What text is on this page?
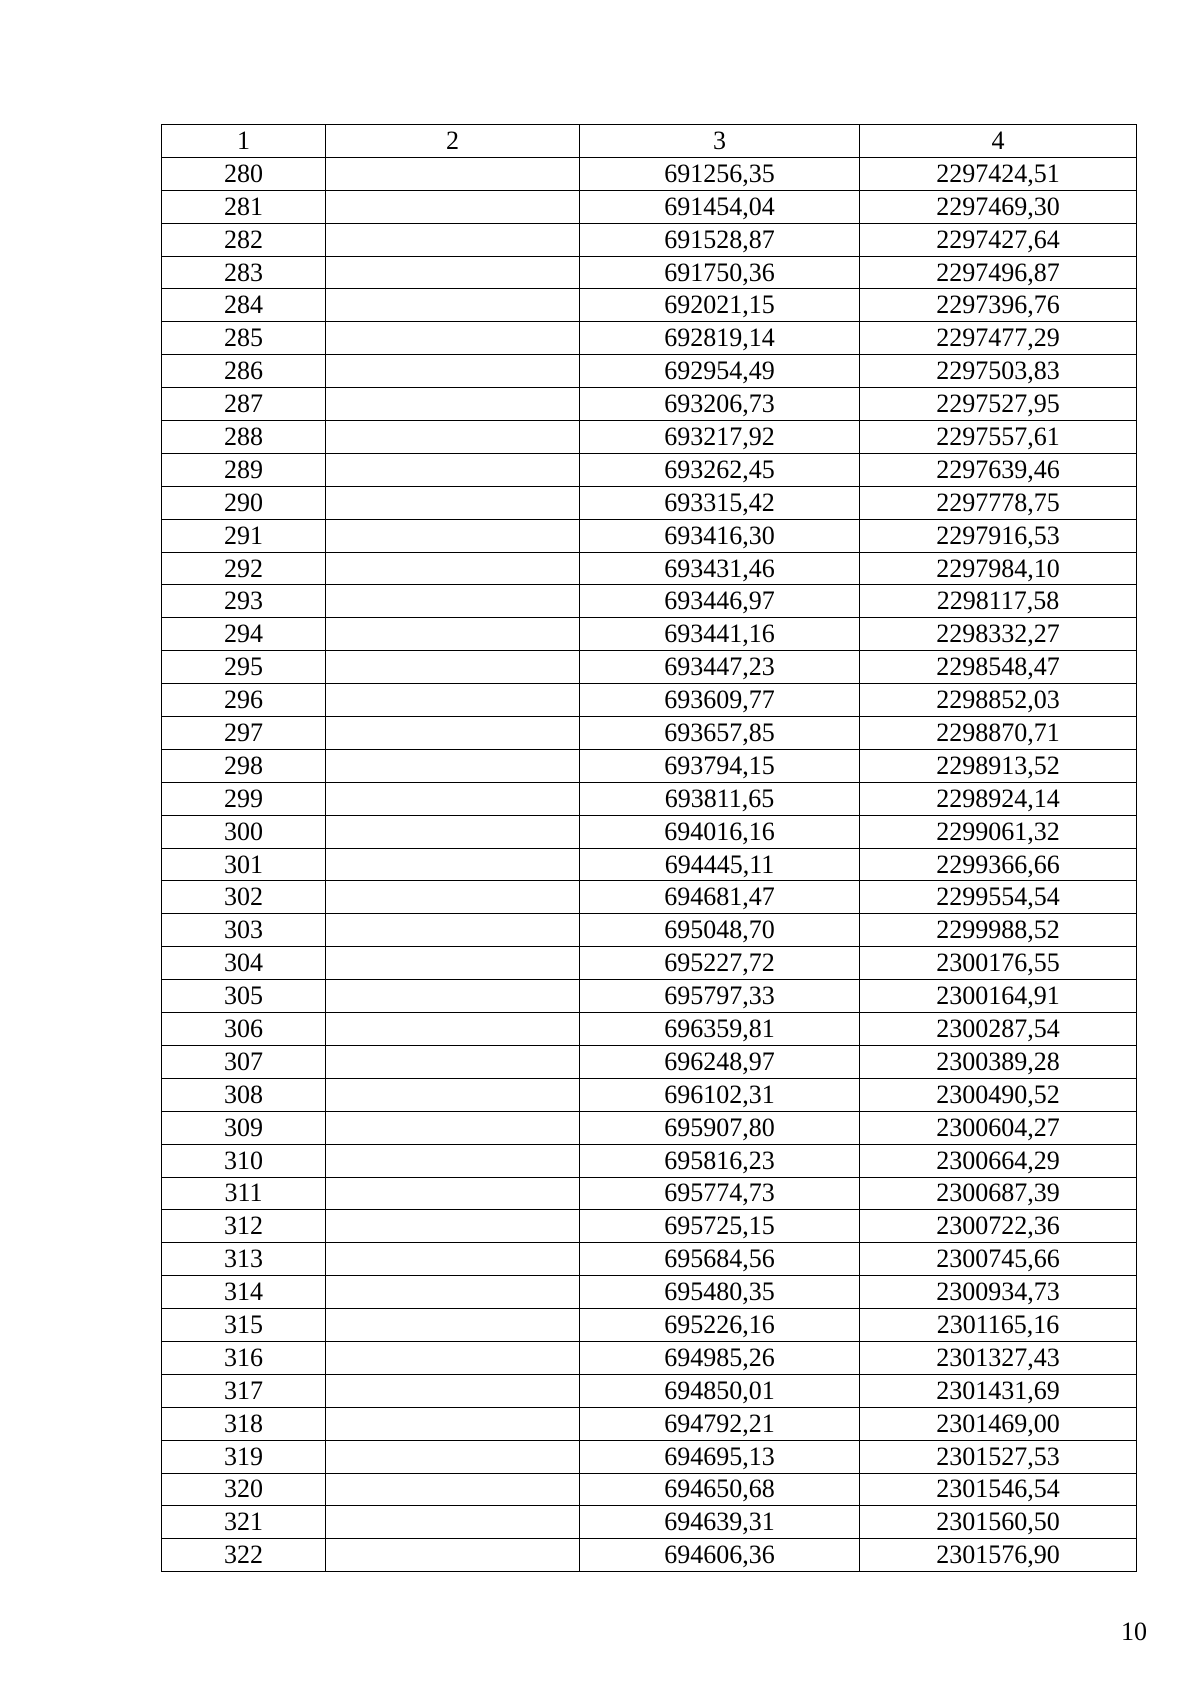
1	2	3	4
280		691256,35	2297424,51
281		691454,04	2297469,30
282		691528,87	2297427,64
283		691750,36	2297496,87
284		692021,15	2297396,76
285		692819,14	2297477,29
286		692954,49	2297503,83
287		693206,73	2297527,95
288		693217,92	2297557,61
289		693262,45	2297639,46
290		693315,42	2297778,75
291		693416,30	2297916,53
292		693431,46	2297984,10
293		693446,97	2298117,58
294		693441,16	2298332,27
295		693447,23	2298548,47
296		693609,77	2298852,03
297		693657,85	2298870,71
298		693794,15	2298913,52
299		693811,65	2298924,14
300		694016,16	2299061,32
301		694445,11	2299366,66
302		694681,47	2299554,54
303		695048,70	2299988,52
304		695227,72	2300176,55
305		695797,33	2300164,91
306		696359,81	2300287,54
307		696248,97	2300389,28
308		696102,31	2300490,52
309		695907,80	2300604,27
310		695816,23	2300664,29
311		695774,73	2300687,39
312		695725,15	2300722,36
313		695684,56	2300745,66
314		695480,35	2300934,73
315		695226,16	2301165,16
316		694985,26	2301327,43
317		694850,01	2301431,69
318		694792,21	2301469,00
319		694695,13	2301527,53
320		694650,68	2301546,54
321		694639,31	2301560,50
322		694606,36	2301576,90
10
